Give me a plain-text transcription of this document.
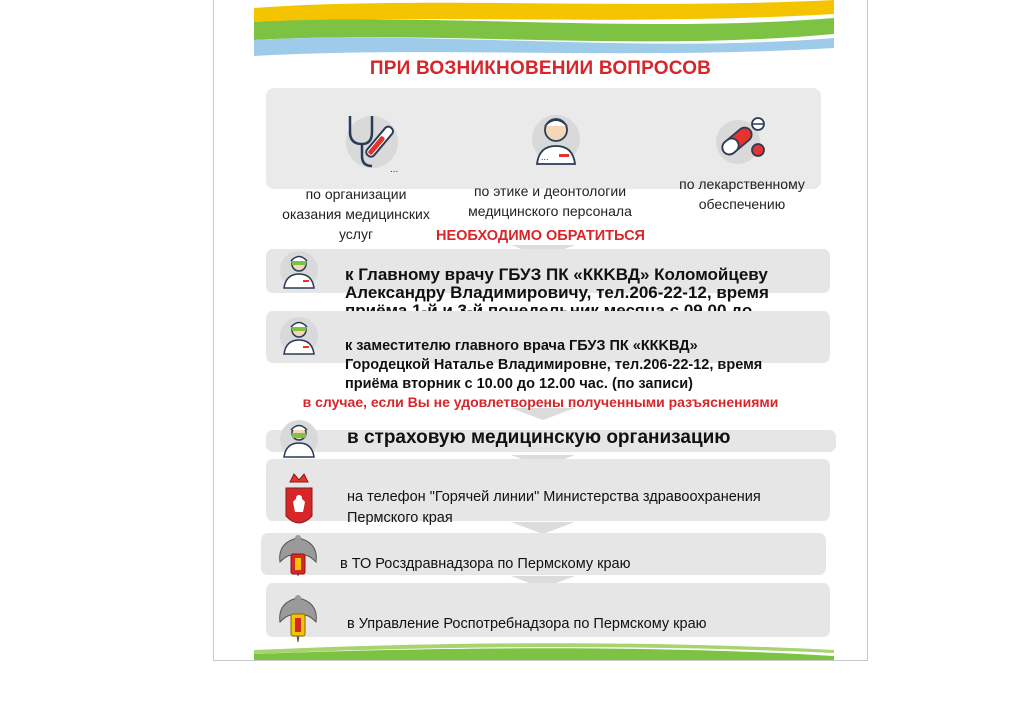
ПРИ ВОЗНИКНОВЕНИИ ВОПРОСОВ
...
...
по организации
оказания медицинских
услуг
по этике и деонтологии
медицинского персонала
по лекарственному
обеспечению
НЕОБХОДИМО ОБРАТИТЬСЯ
к Главному врачу ГБУЗ ПК «ККKВД» Коломойцеву
Александру Владимировичу, тел.206-22-12, время
к заместителю главного врача ГБУЗ ПК «ККKВД»
Городецкой Наталье Владимировне, тел.206-22-12, время
приёма вторник с 10.00 до 12.00 час. (по записи)
в случае, если Вы не удовлетворены полученными разъяснениями
в страховую медицинскую организацию
на телефон "Горячей линии" Министерства здравоохранения
Пермского края
в ТО Росздравнадзора по Пермскому краю
в Управление Роспотребнадзора по Пермскому краю
